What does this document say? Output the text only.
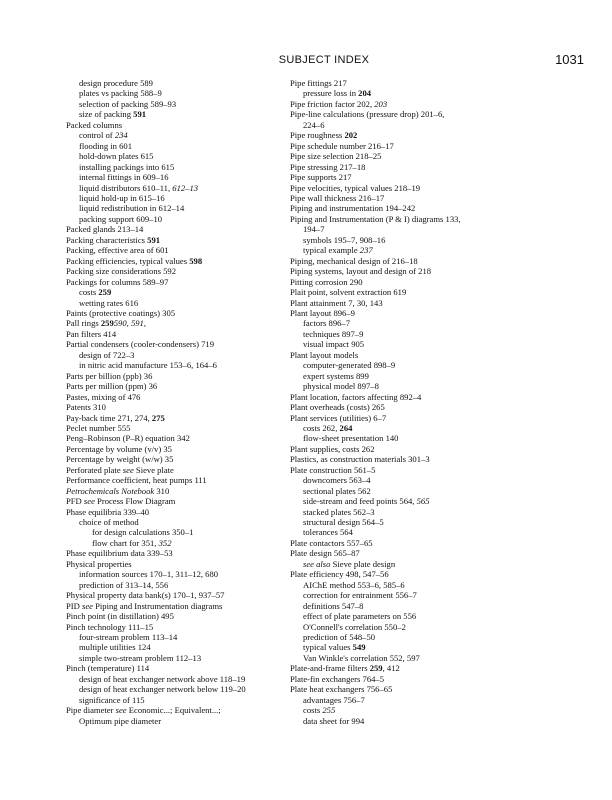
SUBJECT INDEX	1031
design procedure 589
plates vs packing 588–9
selection of packing 589–93
size of packing 591
Packed columns
control of 234
flooding in 601
hold-down plates 615
installing packings into 615
internal fittings in 609–16
liquid distributors 610–11, 612–13
liquid hold-up in 615–16
liquid redistribution in 612–14
packing support 609–10
Packed glands 213–14
Packing characteristics 591
Packing, effective area of 601
Packing efficiencies, typical values 598
Packing size considerations 592
Packings for columns 589–97
costs 259
wetting rates 616
Paints (protective coatings) 305
Pall rings 259590, 591,
Pan filters 414
Partial condensers (cooler-condensers) 719
design of 722–3
in nitric acid manufacture 153–6, 164–6
Parts per billion (ppb) 36
Parts per million (ppm) 36
Pastes, mixing of 476
Patents 310
Pay-back time 271, 274, 275
Peclet number 555
Peng–Robinson (P–R) equation 342
Percentage by volume (v/v) 35
Percentage by weight (w/w) 35
Perforated plate see Sieve plate
Performance coefficient, heat pumps 111
Petrochemicals Notebook 310
PFD see Process Flow Diagram
Phase equilibria 339–40
choice of method
for design calculations 350–1
flow chart for 351, 352
Phase equilibrium data 339–53
Physical properties
information sources 170–1, 311–12, 680
prediction of 313–14, 556
Physical property data bank(s) 170–1, 937–57
PID see Piping and Instrumentation diagrams
Pinch point (in distillation) 495
Pinch technology 111–15
four-stream problem 113–14
multiple utilities 124
simple two-stream problem 112–13
Pinch (temperature) 114
design of heat exchanger network above 118–19
design of heat exchanger network below 119–20
significance of 115
Pipe diameter see Economic...; Equivalent...;
Optimum pipe diameter
Pipe fittings 217
pressure loss in 204
Pipe friction factor 202, 203
Pipe-line calculations (pressure drop) 201–6,
224–6
Pipe roughness 202
Pipe schedule number 216–17
Pipe size selection 218–25
Pipe stressing 217–18
Pipe supports 217
Pipe velocities, typical values 218–19
Pipe wall thickness 216–17
Piping and instrumentation 194–242
Piping and Instrumentation (P & I) diagrams 133,
194–7
symbols 195–7, 908–16
typical example 237
Piping, mechanical design of 216–18
Piping systems, layout and design of 218
Pitting corrosion 290
Plait point, solvent extraction 619
Plant attainment 7, 30, 143
Plant layout 896–9
factors 896–7
techniques 897–9
visual impact 905
Plant layout models
computer-generated 898–9
expert systems 899
physical model 897–8
Plant location, factors affecting 892–4
Plant overheads (costs) 265
Plant services (utilities) 6–7
costs 262, 264
flow-sheet presentation 140
Plant supplies, costs 262
Plastics, as construction materials 301–3
Plate construction 561–5
downcomers 563–4
sectional plates 562
side-stream and feed points 564, 565
stacked plates 562–3
structural design 564–5
tolerances 564
Plate contactors 557–65
Plate design 565–87
see also Sieve plate design
Plate efficiency 498, 547–56
AIChE method 553–6, 585–6
correction for entrainment 556–7
definitions 547–8
effect of plate parameters on 556
O'Connell's correlation 550–2
prediction of 548–50
typical values 549
Van Winkle's correlation 552, 597
Plate-and-frame filters 259, 412
Plate-fin exchangers 764–5
Plate heat exchangers 756–65
advantages 756–7
costs 255
data sheet for 994
